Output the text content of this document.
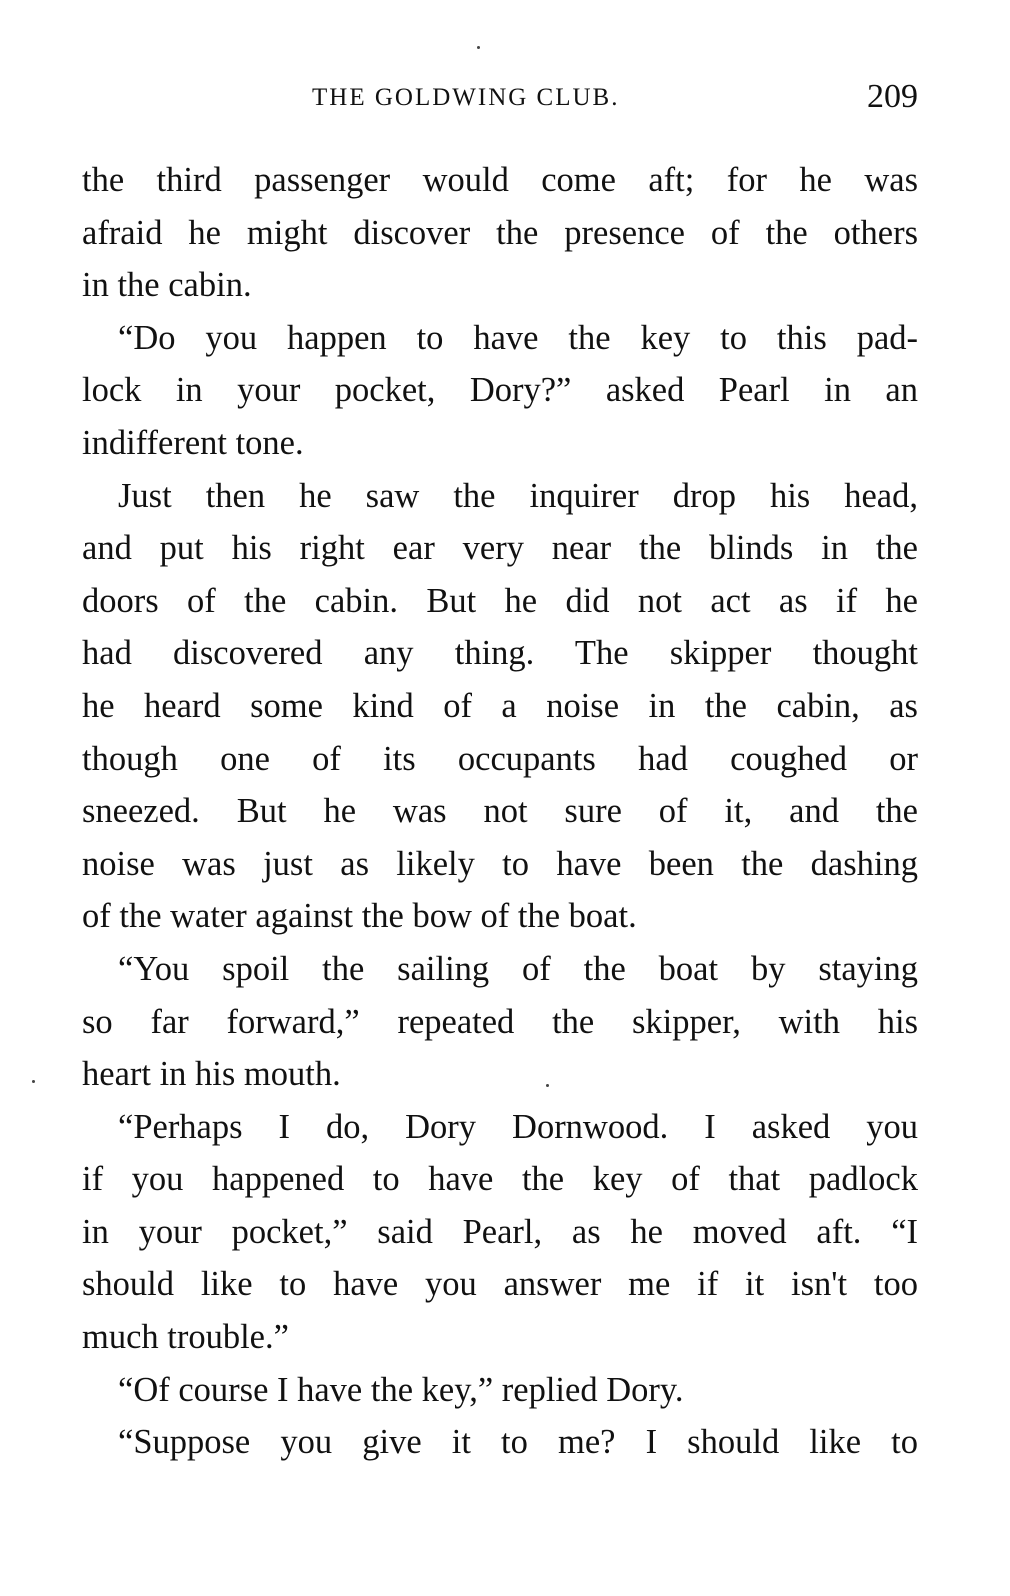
THE GOLDWING CLUB.	209
the third passenger would come aft; for he was
afraid he might discover the presence of the others
in the cabin.
“Do you happen to have the key to this pad-
lock in your pocket, Dory?” asked Pearl in an
indifferent tone.
Just then he saw the inquirer drop his head,
and put his right ear very near the blinds in the
doors of the cabin. But he did not act as if he
had discovered any thing. The skipper thought
he heard some kind of a noise in the cabin, as
though one of its occupants had coughed or
sneezed. But he was not sure of it, and the
noise was just as likely to have been the dashing
of the water against the bow of the boat.
“You spoil the sailing of the boat by staying
so far forward,” repeated the skipper, with his
heart in his mouth.
“Perhaps I do, Dory Dornwood. I asked you
if you happened to have the key of that padlock
in your pocket,” said Pearl, as he moved aft. “I
should like to have you answer me if it isn't too
much trouble.”
“Of course I have the key,” replied Dory.
“Suppose you give it to me? I should like to
